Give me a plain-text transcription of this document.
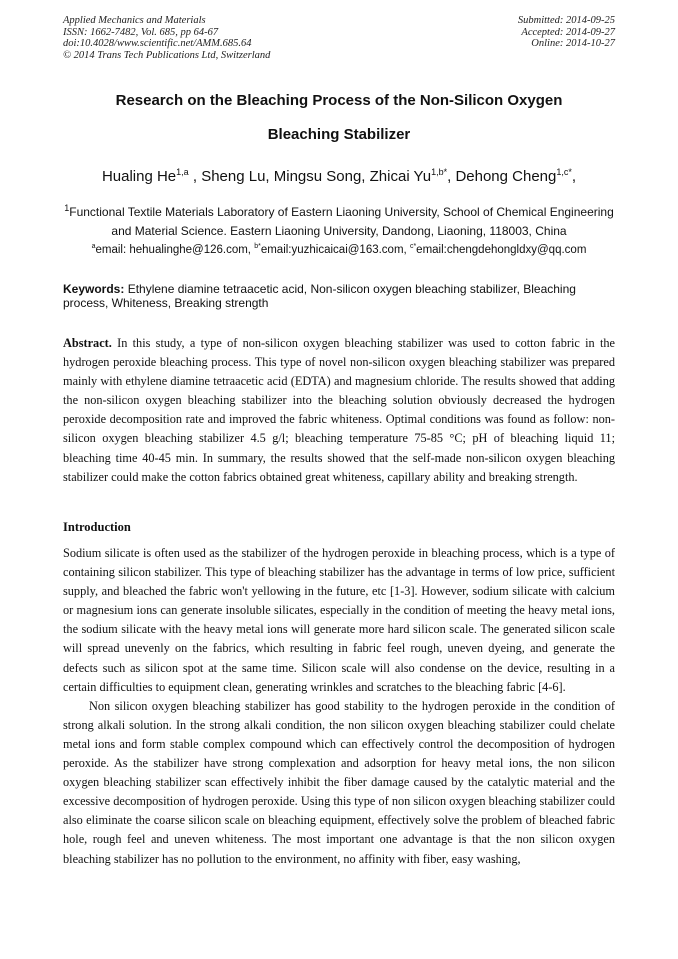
Applied Mechanics and Materials
ISSN: 1662-7482, Vol. 685, pp 64-67
doi:10.4028/www.scientific.net/AMM.685.64
© 2014 Trans Tech Publications Ltd, Switzerland
Submitted: 2014-09-25
Accepted: 2014-09-27
Online: 2014-10-27
Research on the Bleaching Process of the Non-Silicon Oxygen
Bleaching Stabilizer
Hualing He$^{1,a}$ , Sheng Lu, Mingsu Song, Zhicai $Yu^{1,b*}$, Dehong Cheng$^{1,c*}$,
$^1$Functional Textile Materials Laboratory of Eastern Liaoning University, School of Chemical Engineering and Material Science. Eastern Liaoning University, Dandong, Liaoning, 118003, China
$^a$email: hehualinghe@126.com, $^{b*}$email:yuzhicaicai@163.com, $^{c*}$email:chengdehongldxy@qq.com
Keywords: Ethylene diamine tetraacetic acid, Non-silicon oxygen bleaching stabilizer, Bleaching process, Whiteness, Breaking strength
Abstract. In this study, a type of non-silicon oxygen bleaching stabilizer was used to cotton fabric in the hydrogen peroxide bleaching process. This type of novel non-silicon oxygen bleaching stabilizer was prepared mainly with ethylene diamine tetraacetic acid (EDTA) and magnesium chloride. The results showed that adding the non-silicon oxygen bleaching stabilizer into the bleaching solution obviously decreased the hydrogen peroxide decomposition rate and improved the fabric whiteness. Optimal conditions was found as follow: non-silicon oxygen bleaching stabilizer 4.5 g/l; bleaching temperature 75-85 °C; pH of bleaching liquid 11; bleaching time 40-45 min. In summary, the results showed that the self-made non-silicon oxygen bleaching stabilizer could make the cotton fabrics obtained great whiteness, capillary ability and breaking strength.
Introduction

Sodium silicate is often used as the stabilizer of the hydrogen peroxide in bleaching process, which is a type of containing silicon stabilizer. This type of bleaching stabilizer has the advantage in terms of low price, sufficient supply, and bleached the fabric won't yellowing in the future, etc [1-3]. However, sodium silicate with calcium or magnesium ions can generate insoluble silicates, especially in the condition of meeting the heavy metal ions, the sodium silicate with the heavy metal ions will generate more hard silicon scale. The generated silicon scale will spread unevenly on the fabrics, which resulting in fabric feel rough, uneven dyeing, and generate the defects such as silicon spot at the same time. Silicon scale will also condense on the device, resulting in a certain difficulties to equipment clean, generating wrinkles and scratches to the bleaching fabric [4-6].

Non silicon oxygen bleaching stabilizer has good stability to the hydrogen peroxide in the condition of strong alkali solution. In the strong alkali condition, the non silicon oxygen bleaching stabilizer could chelate metal ions and form stable complex compound which can effectively control the decomposition of hydrogen peroxide. As the stabilizer have strong complexation and adsorption for heavy metal ions, the non silicon oxygen bleaching stabilizer scan effectively inhibit the fiber damage caused by the catalytic material and the excessive decomposition of hydrogen peroxide. Using this type of non silicon oxygen bleaching stabilizer could also eliminate the coarse silicon scale on bleaching equipment, effectively solve the problem of bleached fabric hole, rough feel and uneven whiteness. The most important one advantage is that the non silicon oxygen bleaching stabilizer has no pollution to the environment, no affinity with fiber, easy washing,
